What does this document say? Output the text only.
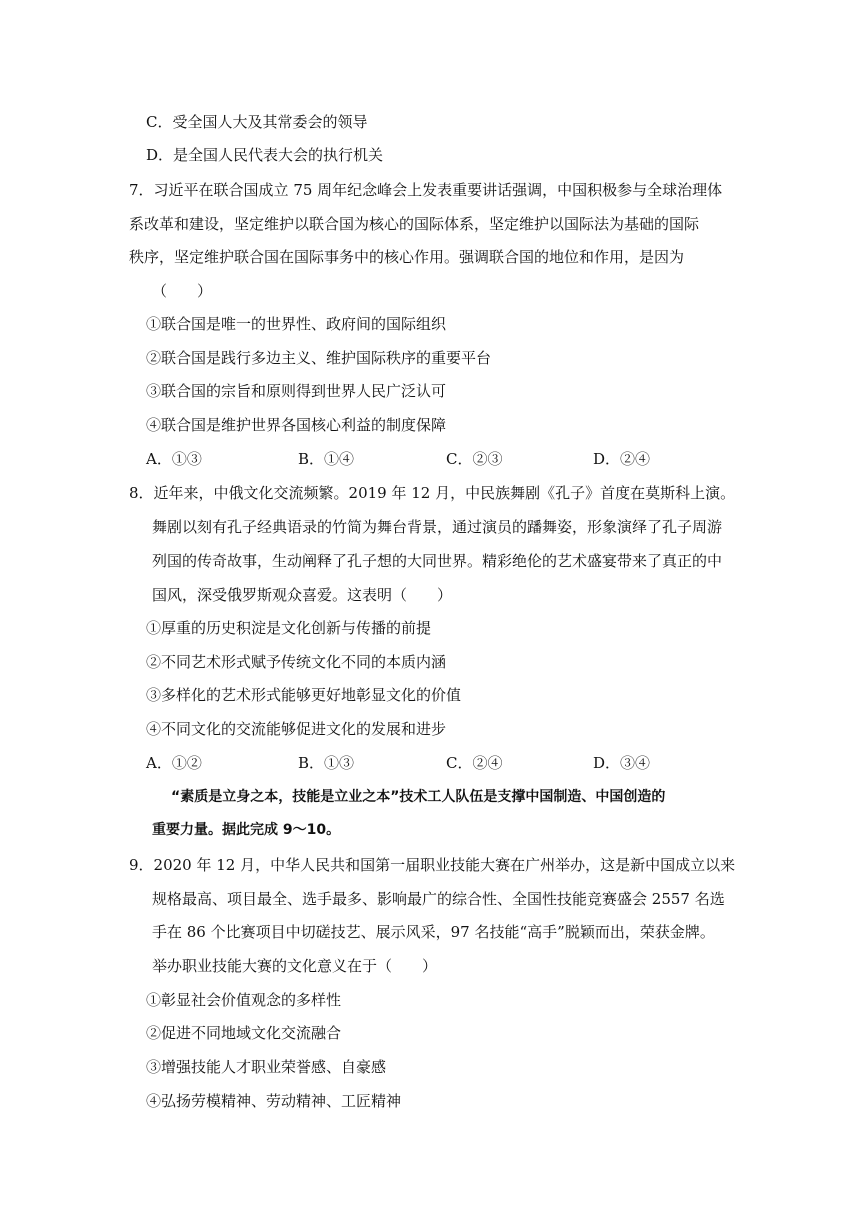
C．受全国人大及其常委会的领导
D．是全国人民代表大会的执行机关
7．习近平在联合国成立 75 周年纪念峰会上发表重要讲话强调，中国积极参与全球治理体
系改革和建设，坚定维护以联合国为核心的国际体系，坚定维护以国际法为基础的国际
秩序，坚定维护联合国在国际事务中的核心作用。强调联合国的地位和作用，是因为
（　　）
①联合国是唯一的世界性、政府间的国际组织
②联合国是践行多边主义、维护国际秩序的重要平台
③联合国的宗旨和原则得到世界人民广泛认可
④联合国是维护世界各国核心利益的制度保障
A．①③	B．①④	C．②③	D．②④
8．近年来，中俄文化交流频繁。2019 年 12 月，中民族舞剧《孔子》首度在莫斯科上演。
舞剧以刻有孔子经典语录的竹简为舞台背景，通过演员的蹯舞姿，形象演绎了孔子周游
列国的传奇故事，生动阐释了孔子想的大同世界。精彩绝伦的艺术盛宴带来了真正的中
国风，深受俄罗斯观众喜爱。这表明（　　）
①厚重的历史积淀是文化创新与传播的前提
②不同艺术形式赋予传统文化不同的本质内涵
③多样化的艺术形式能够更好地彰显文化的价值
④不同文化的交流能够促进文化的发展和进步
A．①②	B．①③	C．②④	D．③④
“素质是立身之本，技能是立业之本”技术工人队伍是支撑中国制造、中国创造的
重要力量。据此完成 9～10。
9．2020 年 12 月，中华人民共和国第一届职业技能大赛在广州举办，这是新中国成立以来
规格最高、项目最全、选手最多、影响最广的综合性、全国性技能竞赛盛会 2557 名选
手在 86 个比赛项目中切磋技艺、展示风采，97 名技能“高手”脱颖而出，荣获金牌。
举办职业技能大赛的文化意义在于（　　）
①彰显社会价值观念的多样性
②促进不同地域文化交流融合
③增强技能人才职业荣誉感、自豪感
④弘扬劳模精神、劳动精神、工匠精神
